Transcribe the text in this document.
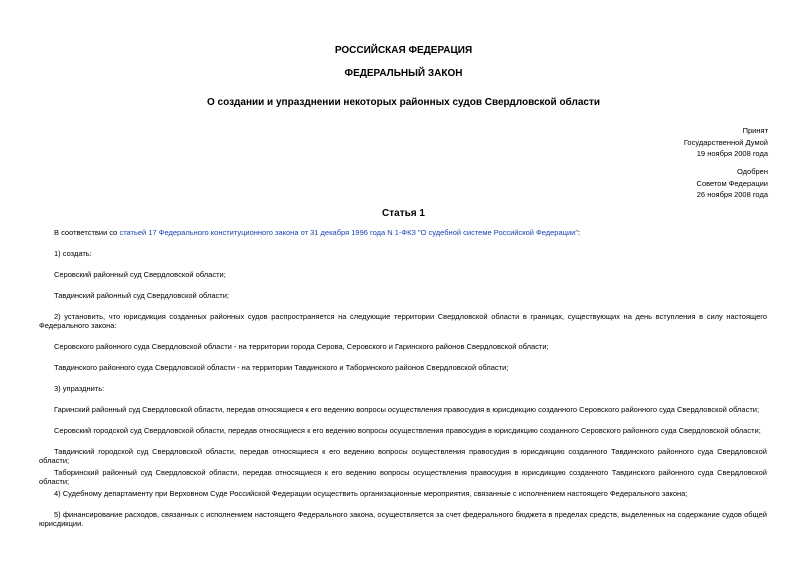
РОССИЙСКАЯ ФЕДЕРАЦИЯ
ФЕДЕРАЛЬНЫЙ ЗАКОН
О создании и упразднении некоторых районных судов Свердловской области
Принят
Государственной Думой
19 ноября 2008 года
Одобрен
Советом Федерации
26 ноября 2008 года
Статья 1
В соответствии со статьей 17 Федерального конституционного закона от 31 декабря 1996 года N 1-ФКЗ "О судебной системе Российской Федерации":
1) создать:
Серовский районный суд Свердловской области;
Тавдинский районный суд Свердловской области;
2) установить, что юрисдикция созданных районных судов распространяется на следующие территории Свердловской области в границах, существующих на день вступления в силу настоящего Федерального закона:
Серовского районного суда Свердловской области - на территории города Серова, Серовского и Гаринского районов Свердловской области;
Тавдинского районного суда Свердловской области - на территории Тавдинского и Таборинского районов Свердловской области;
3) упразднить:
Гаринский районный суд Свердловской области, передав относящиеся к его ведению вопросы осуществления правосудия в юрисдикцию созданного Серовского районного суда Свердловской области;
Серовский городской суд Свердловской области, передав относящиеся к его ведению вопросы осуществления правосудия в юрисдикцию созданного Серовского районного суда Свердловской области;
Тавдинский городской суд Свердловской области, передав относящиеся к его ведению вопросы осуществления правосудия в юрисдикцию созданного Тавдинского районного суда Свердловской области;
Таборинский районный суд Свердловской области, передав относящиеся к его ведению вопросы осуществления правосудия в юрисдикцию созданного Тавдинского районного суда Свердловской области;
4) Судебному департаменту при Верховном Суде Российской Федерации осуществить организационные мероприятия, связанные с исполнением настоящего Федерального закона;
5) финансирование расходов, связанных с исполнением настоящего Федерального закона, осуществляется за счет федерального бюджета в пределах средств, выделенных на содержание судов общей юрисдикции.
